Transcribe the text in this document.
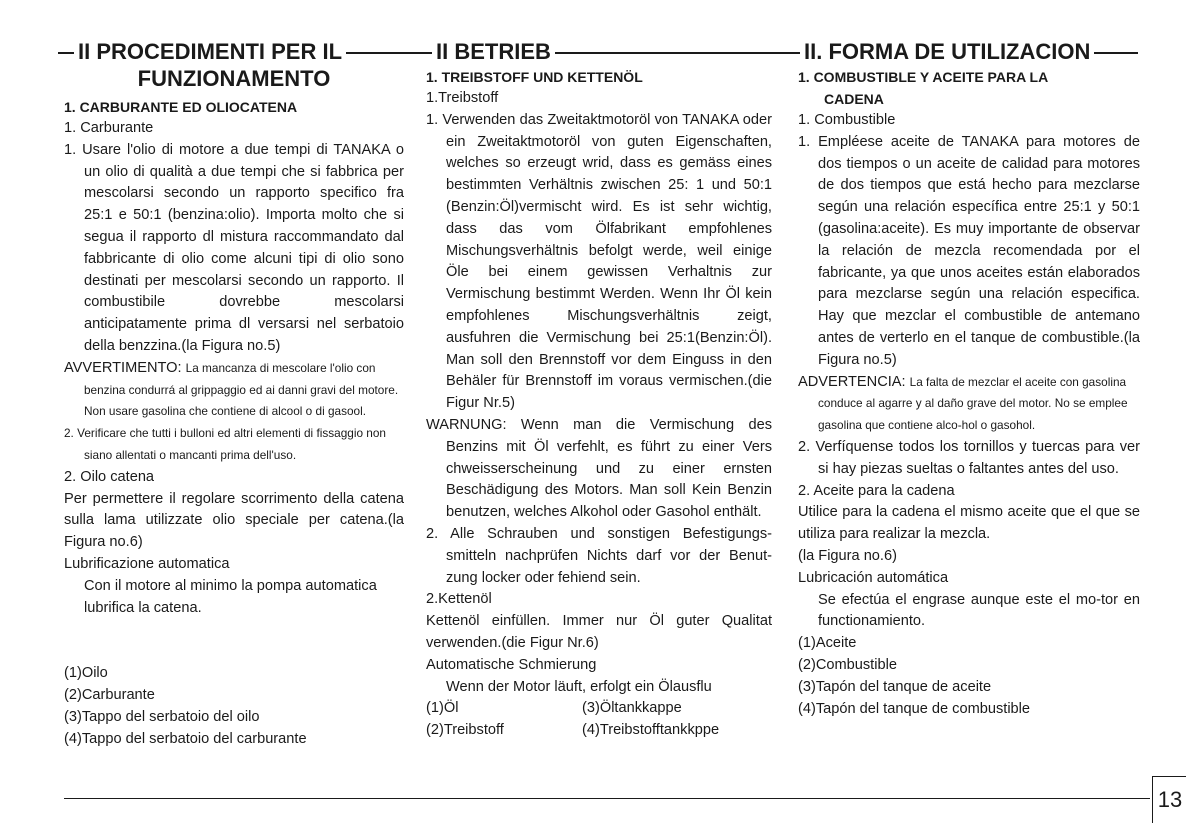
II PROCEDIMENTI PER IL
FUNZIONAMENTO
1. CARBURANTE ED OLIOCATENA

1. Carburante

1. Usare l'olio di motore a due tempi di TANAKA o un olio di qualità a due tempi che si fabbrica per mescolarsi secondo un rapporto specifico fra 25:1 e 50:1 (benzina:olio). Importa molto che si segua il rapporto dl mistura raccommandato dal fabbricante di olio come alcuni tipi di olio sono destinati per mescolarsi secondo un rapporto. Il combustibile dovrebbe mescolarsi anticipatamente prima dl versarsi nel serbatoio della benzzina.(la Figura no.5)

AVVERTIMENTO: La mancanza di mescolare l'olio con benzina condurrá al grippaggio ed ai danni gravi del motore. Non usare gasolina che contiene di alcool o di gasool.

2. Verificare che tutti i bulloni ed altri elementi di fissaggio non siano allentati o mancanti prima dell'uso.

2. Oilo catena

Per permettere il regolare scorrimento della catena sulla lama utilizzate olio speciale per catena.(la Figura no.6)

Lubrificazione automatica

Con il motore al minimo la pompa automatica lubrifica la catena.

(1)Oilo

(2)Carburante

(3)Tappo del serbatoio del oilo

(4)Tappo del serbatoio del carburante

II BETRIEB
1. TREIBSTOFF UND KETTENÖL

1.Treibstoff

1. Verwenden das Zweitaktmotoröl von TANAKA oder ein Zweitaktmotoröl von guten Eigenschaften, welches so erzeugt wrid, dass es gemäss eines bestimmten Verhältnis zwischen 25: 1 und 50:1 (Benzin:Öl)vermischt wird. Es ist sehr wichtig, dass das vom Ölfabrikant empfohlenes Mischungsverhältnis befolgt werde, weil einige Öle bei einem gewissen Verhaltnis zur Vermischung bestimmt Werden. Wenn Ihr Öl kein empfohlenes Mischungsverhältnis zeigt, ausfuhren die Vermischung bei 25:1(Benzin:Öl). Man soll den Brennstoff vor dem Einguss in den Behäler für Brennstoff im voraus vermischen.(die Figur Nr.5)

WARNUNG: Wenn man die Vermischung des Benzins mit Öl verfehlt, es führt zu einer Vers chweisserscheinung und zu einer ernsten Beschädigung des Motors. Man soll Kein Benzin benutzen, welches Alkohol oder Gasohol enthält.

2. Alle Schrauben und sonstigen Befestigungs-smitteln nachprüfen Nichts darf vor der Benut-zung locker oder fehiend sein.

2.Kettenöl

Kettenöl einfüllen. Immer nur Öl guter Qualitat verwenden.(die Figur Nr.6)

Automatische Schmierung

Wenn der Motor läuft, erfolgt ein Ölausflu

(1)Öl	(3)Öltankkappe
(2)Treibstoff	(4)Treibstofftankkppe
II. FORMA DE UTILIZACION
1. COMBUSTIBLE Y ACEITE PARA LA
CADENA

1. Combustible

1. Empléese aceite de TANAKA para motores de dos tiempos o un aceite de calidad para motores de dos tiempos que está hecho para mezclarse según una relación específica entre 25:1 y 50:1 (gasolina:aceite). Es muy importante de observar la relación de mezcla recomendada por el fabricante, ya que unos aceites están elaborados para mezclarse según una relación especifica. Hay que mezclar el combustible de antemano antes de verterlo en el tanque de combustible.(la Figura no.5)

ADVERTENCIA: La falta de mezclar el aceite con gasolina conduce al agarre y al daño grave del motor. No se emplee gasolina que contiene alco-hol o gasohol.

2. Verfíquense todos los tornillos y tuercas para ver si hay piezas sueltas o faltantes antes del uso.

2. Aceite para la cadena

Utilice para la cadena el mismo aceite que el que se utiliza para realizar la mezcla.

(la Figura no.6)

Lubricación automática

Se efectúa el engrase aunque este el mo-tor en functionamiento.

(1)Aceite

(2)Combustible

(3)Tapón del tanque de aceite

(4)Tapón del tanque de combustible

13
